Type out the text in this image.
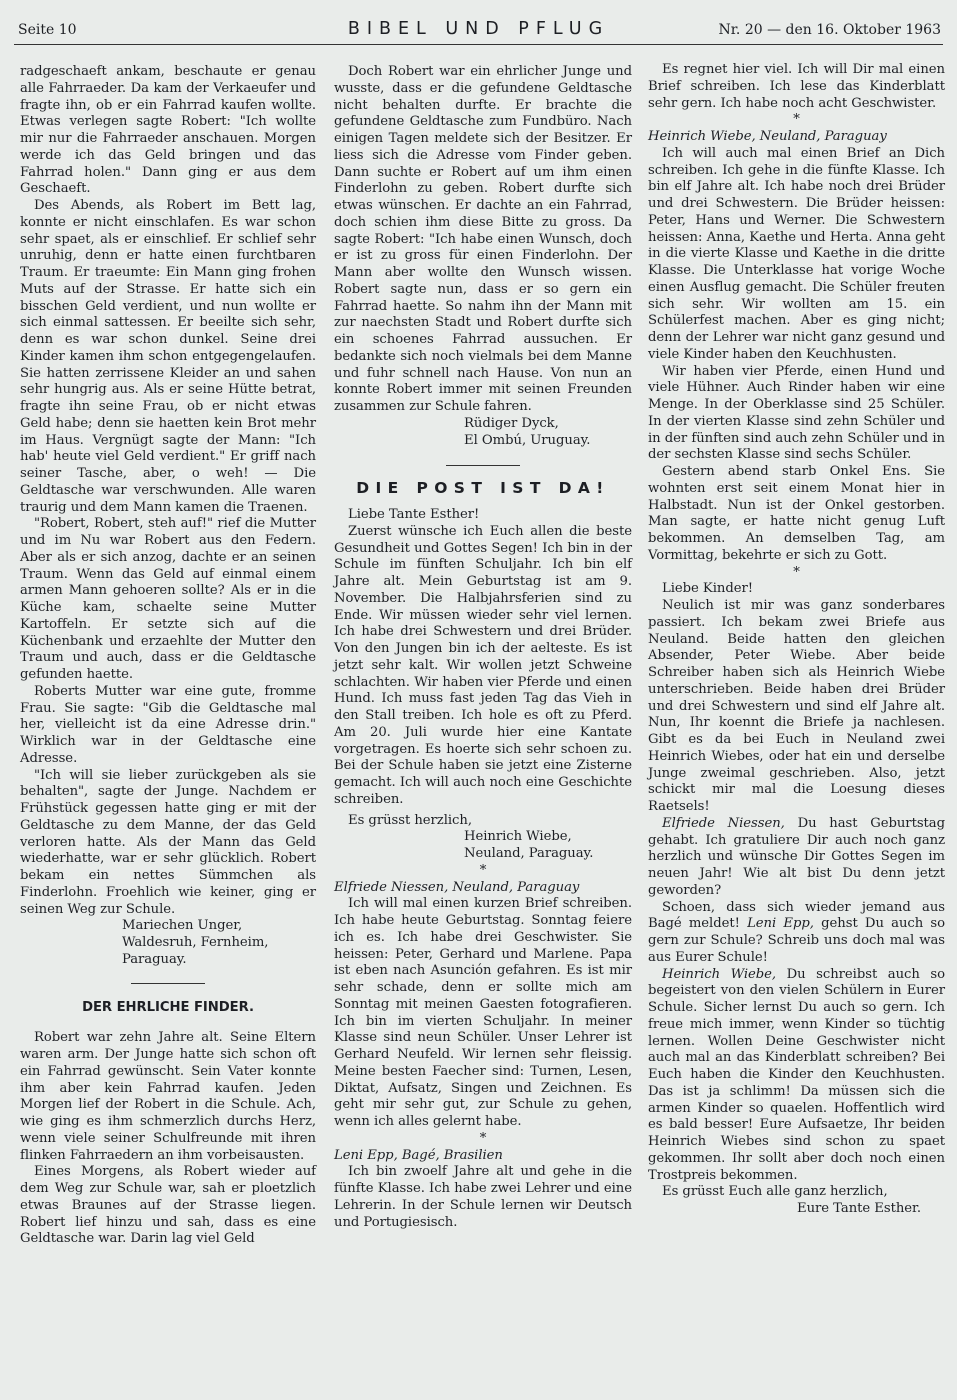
Seite 10	BIBEL UND PFLUG	Nr. 20 — den 16. Oktober 1963

radgeschaeft ankam, beschaute er genau alle Fahrraeder. Da kam der Verkaeufer und fragte ihn, ob er ein Fahrrad kaufen wollte. Etwas verlegen sagte Robert: "Ich wollte mir nur die Fahrraeder anschauen. Morgen werde ich das Geld bringen und das Fahrrad holen." Dann ging er aus dem Geschaeft.

Des Abends, als Robert im Bett lag, konnte er nicht einschlafen. Es war schon sehr spaet, als er einschlief. Er schlief sehr unruhig, denn er hatte einen furchtbaren Traum. Er traeumte: Ein Mann ging frohen Muts auf der Strasse. Er hatte sich ein bisschen Geld verdient, und nun wollte er sich einmal sattessen. Er beeilte sich sehr, denn es war schon dunkel. Seine drei Kinder kamen ihm schon entgegengelaufen. Sie hatten zerrissene Kleider an und sahen sehr hungrig aus. Als er seine Hütte betrat, fragte ihn seine Frau, ob er nicht etwas Geld habe; denn sie haetten kein Brot mehr im Haus. Vergnügt sagte der Mann: "Ich hab' heute viel Geld verdient." Er griff nach seiner Tasche, aber, o weh! — Die Geldtasche war verschwunden. Alle waren traurig und dem Mann kamen die Traenen.

"Robert, Robert, steh auf!" rief die Mutter und im Nu war Robert aus den Federn. Aber als er sich anzog, dachte er an seinen Traum. Wenn das Geld auf einmal einem armen Mann gehoeren sollte? Als er in die Küche kam, schaelte seine Mutter Kartoffeln. Er setzte sich auf die Küchenbank und erzaehlte der Mutter den Traum und auch, dass er die Geldtasche gefunden haette.

Roberts Mutter war eine gute, fromme Frau. Sie sagte: "Gib die Geldtasche mal her, vielleicht ist da eine Adresse drin." Wirklich war in der Geldtasche eine Adresse.

"Ich will sie lieber zurückgeben als sie behalten", sagte der Junge. Nachdem er Frühstück gegessen hatte ging er mit der Geldtasche zu dem Manne, der das Geld verloren hatte. Als der Mann das Geld wiederhatte, war er sehr glücklich. Robert bekam ein nettes Sümmchen als Finderlohn. Froehlich wie keiner, ging er seinen Weg zur Schule.

Mariechen Unger,

Waldesruh, Fernheim,

Paraguay.

DER EHRLICHE FINDER.

Robert war zehn Jahre alt. Seine Eltern waren arm. Der Junge hatte sich schon oft ein Fahrrad gewünscht. Sein Vater konnte ihm aber kein Fahrrad kaufen. Jeden Morgen lief der Robert in die Schule. Ach, wie ging es ihm schmerzlich durchs Herz, wenn viele seiner Schulfreunde mit ihren flinken Fahrraedern an ihm vorbeisausten.

Eines Morgens, als Robert wieder auf dem Weg zur Schule war, sah er ploetzlich etwas Braunes auf der Strasse liegen. Robert lief hinzu und sah, dass es eine Geldtasche war. Darin lag viel Geld

Doch Robert war ein ehrlicher Junge und wusste, dass er die gefundene Geldtasche nicht behalten durfte. Er brachte die gefundene Geldtasche zum Fundbüro. Nach einigen Tagen meldete sich der Besitzer. Er liess sich die Adresse vom Finder geben. Dann suchte er Robert auf um ihm einen Finderlohn zu geben. Robert durfte sich etwas wünschen. Er dachte an ein Fahrrad, doch schien ihm diese Bitte zu gross. Da sagte Robert: "Ich habe einen Wunsch, doch er ist zu gross für einen Finderlohn. Der Mann aber wollte den Wunsch wissen. Robert sagte nun, dass er so gern ein Fahrrad haette. So nahm ihn der Mann mit zur naechsten Stadt und Robert durfte sich ein schoenes Fahrrad aussuchen. Er bedankte sich noch vielmals bei dem Manne und fuhr schnell nach Hause. Von nun an konnte Robert immer mit seinen Freunden zusammen zur Schule fahren.

Rüdiger Dyck,

El Ombú, Uruguay.

DIE POST IST DA!

Liebe Tante Esther!

Zuerst wünsche ich Euch allen die beste Gesundheit und Gottes Segen! Ich bin in der Schule im fünften Schuljahr. Ich bin elf Jahre alt. Mein Geburtstag ist am 9. November. Die Halbjahrsferien sind zu Ende. Wir müssen wieder sehr viel lernen. Ich habe drei Schwestern und drei Brüder. Von den Jungen bin ich der aelteste. Es ist jetzt sehr kalt. Wir wollen jetzt Schweine schlachten. Wir haben vier Pferde und einen Hund. Ich muss fast jeden Tag das Vieh in den Stall treiben. Ich hole es oft zu Pferd. Am 20. Juli wurde hier eine Kantate vorgetragen. Es hoerte sich sehr schoen zu. Bei der Schule haben sie jetzt eine Zisterne gemacht. Ich will auch noch eine Geschichte schreiben.

Es grüsst herzlich,

Heinrich Wiebe,

Neuland, Paraguay.

*

Elfriede Niessen, Neuland, Paraguay

Ich will mal einen kurzen Brief schreiben. Ich habe heute Geburtstag. Sonntag feiere ich es. Ich habe drei Geschwister. Sie heissen: Peter, Gerhard und Marlene. Papa ist eben nach Asunción gefahren. Es ist mir sehr schade, denn er sollte mich am Sonntag mit meinen Gaesten fotografieren. Ich bin im vierten Schuljahr. In meiner Klasse sind neun Schüler. Unser Lehrer ist Gerhard Neufeld. Wir lernen sehr fleissig. Meine besten Faecher sind: Turnen, Lesen, Diktat, Aufsatz, Singen und Zeichnen. Es geht mir sehr gut, zur Schule zu gehen, wenn ich alles gelernt habe.

*

Leni Epp, Bagé, Brasilien

Ich bin zwoelf Jahre alt und gehe in die fünfte Klasse. Ich habe zwei Lehrer und eine Lehrerin. In der Schule lernen wir Deutsch und Portugiesisch.

Es regnet hier viel. Ich will Dir mal einen Brief schreiben. Ich lese das Kinderblatt sehr gern. Ich habe noch acht Geschwister.

*

Heinrich Wiebe, Neuland, Paraguay

Ich will auch mal einen Brief an Dich schreiben. Ich gehe in die fünfte Klasse. Ich bin elf Jahre alt. Ich habe noch drei Brüder und drei Schwestern. Die Brüder heissen: Peter, Hans und Werner. Die Schwestern heissen: Anna, Kaethe und Herta. Anna geht in die vierte Klasse und Kaethe in die dritte Klasse. Die Unterklasse hat vorige Woche einen Ausflug gemacht. Die Schüler freuten sich sehr. Wir wollten am 15. ein Schülerfest machen. Aber es ging nicht; denn der Lehrer war nicht ganz gesund und viele Kinder haben den Keuchhusten.

Wir haben vier Pferde, einen Hund und viele Hühner. Auch Rinder haben wir eine Menge. In der Oberklasse sind 25 Schüler. In der vierten Klasse sind zehn Schüler und in der fünften sind auch zehn Schüler und in der sechsten Klasse sind sechs Schüler.

Gestern abend starb Onkel Ens. Sie wohnten erst seit einem Monat hier in Halbstadt. Nun ist der Onkel gestorben. Man sagte, er hatte nicht genug Luft bekommen. An demselben Tag, am Vormittag, bekehrte er sich zu Gott.

*

Liebe Kinder!

Neulich ist mir was ganz sonderbares passiert. Ich bekam zwei Briefe aus Neuland. Beide hatten den gleichen Absender, Peter Wiebe. Aber beide Schreiber haben sich als Heinrich Wiebe unterschrieben. Beide haben drei Brüder und drei Schwestern und sind elf Jahre alt. Nun, Ihr koennt die Briefe ja nachlesen. Gibt es da bei Euch in Neuland zwei Heinrich Wiebes, oder hat ein und derselbe Junge zweimal geschrieben. Also, jetzt schickt mir mal die Loesung dieses Raetsels!

Elfriede Niessen, Du hast Geburtstag gehabt. Ich gratuliere Dir auch noch ganz herzlich und wünsche Dir Gottes Segen im neuen Jahr! Wie alt bist Du denn jetzt geworden?

Schoen, dass sich wieder jemand aus Bagé meldet! Leni Epp, gehst Du auch so gern zur Schule? Schreib uns doch mal was aus Eurer Schule!

Heinrich Wiebe, Du schreibst auch so begeistert von den vielen Schülern in Eurer Schule. Sicher lernst Du auch so gern. Ich freue mich immer, wenn Kinder so tüchtig lernen. Wollen Deine Geschwister nicht auch mal an das Kinderblatt schreiben? Bei Euch haben die Kinder den Keuchhusten. Das ist ja schlimm! Da müssen sich die armen Kinder so quaelen. Hoffentlich wird es bald besser! Eure Aufsaetze, Ihr beiden Heinrich Wiebes sind schon zu spaet gekommen. Ihr sollt aber doch noch einen Trostpreis bekommen.

Es grüsst Euch alle ganz herzlich,

Eure Tante Esther.
